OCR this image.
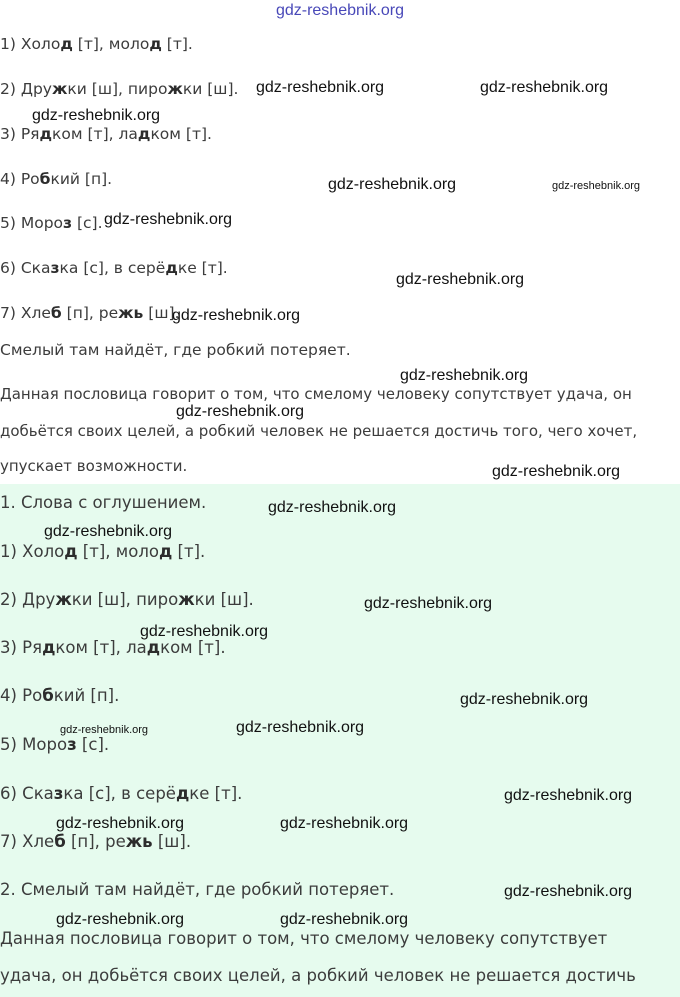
gdz-reshebnik.org
1) Холод [т], молод [т].
2) Дружки [ш], пирожки [ш].
3) Рядком [т], ладком [т].
4) Робкий [п].
5) Мороз [с].
6) Сказка [с], в серёдке [т].
7) Хлеб [п], режь [ш].
Смелый там найдёт, где робкий потеряет.
Данная пословица говорит о том, что смелому человеку сопутствует удача, он
добьётся своих целей, а робкий человек не решается достичь того, чего хочет,
упускает возможности.
1. Слова с оглушением.
1) Холод [т], молод [т].
2) Дружки [ш], пирожки [ш].
3) Рядком [т], ладком [т].
4) Робкий [п].
5) Мороз [с].
6) Сказка [с], в серёдке [т].
7) Хлеб [п], режь [ш].
2. Смелый там найдёт, где робкий потеряет.
Данная пословица говорит о том, что смелому человеку сопутствует
удача, он добьётся своих целей, а робкий человек не решается достичь
gdz-reshebnik.org	gdz-reshebnik.org
gdz-reshebnik.org
gdz-reshebnik.org	gdz-reshebnik.org
gdz-reshebnik.org
gdz-reshebnik.org
gdz-reshebnik.org
gdz-reshebnik.org
gdz-reshebnik.org
gdz-reshebnik.org
gdz-reshebnik.org
gdz-reshebnik.org
gdz-reshebnik.org
gdz-reshebnik.org
gdz-reshebnik.org
gdz-reshebnik.org	gdz-reshebnik.org
gdz-reshebnik.org
gdz-reshebnik.org	gdz-reshebnik.org
gdz-reshebnik.org
gdz-reshebnik.org	gdz-reshebnik.org
